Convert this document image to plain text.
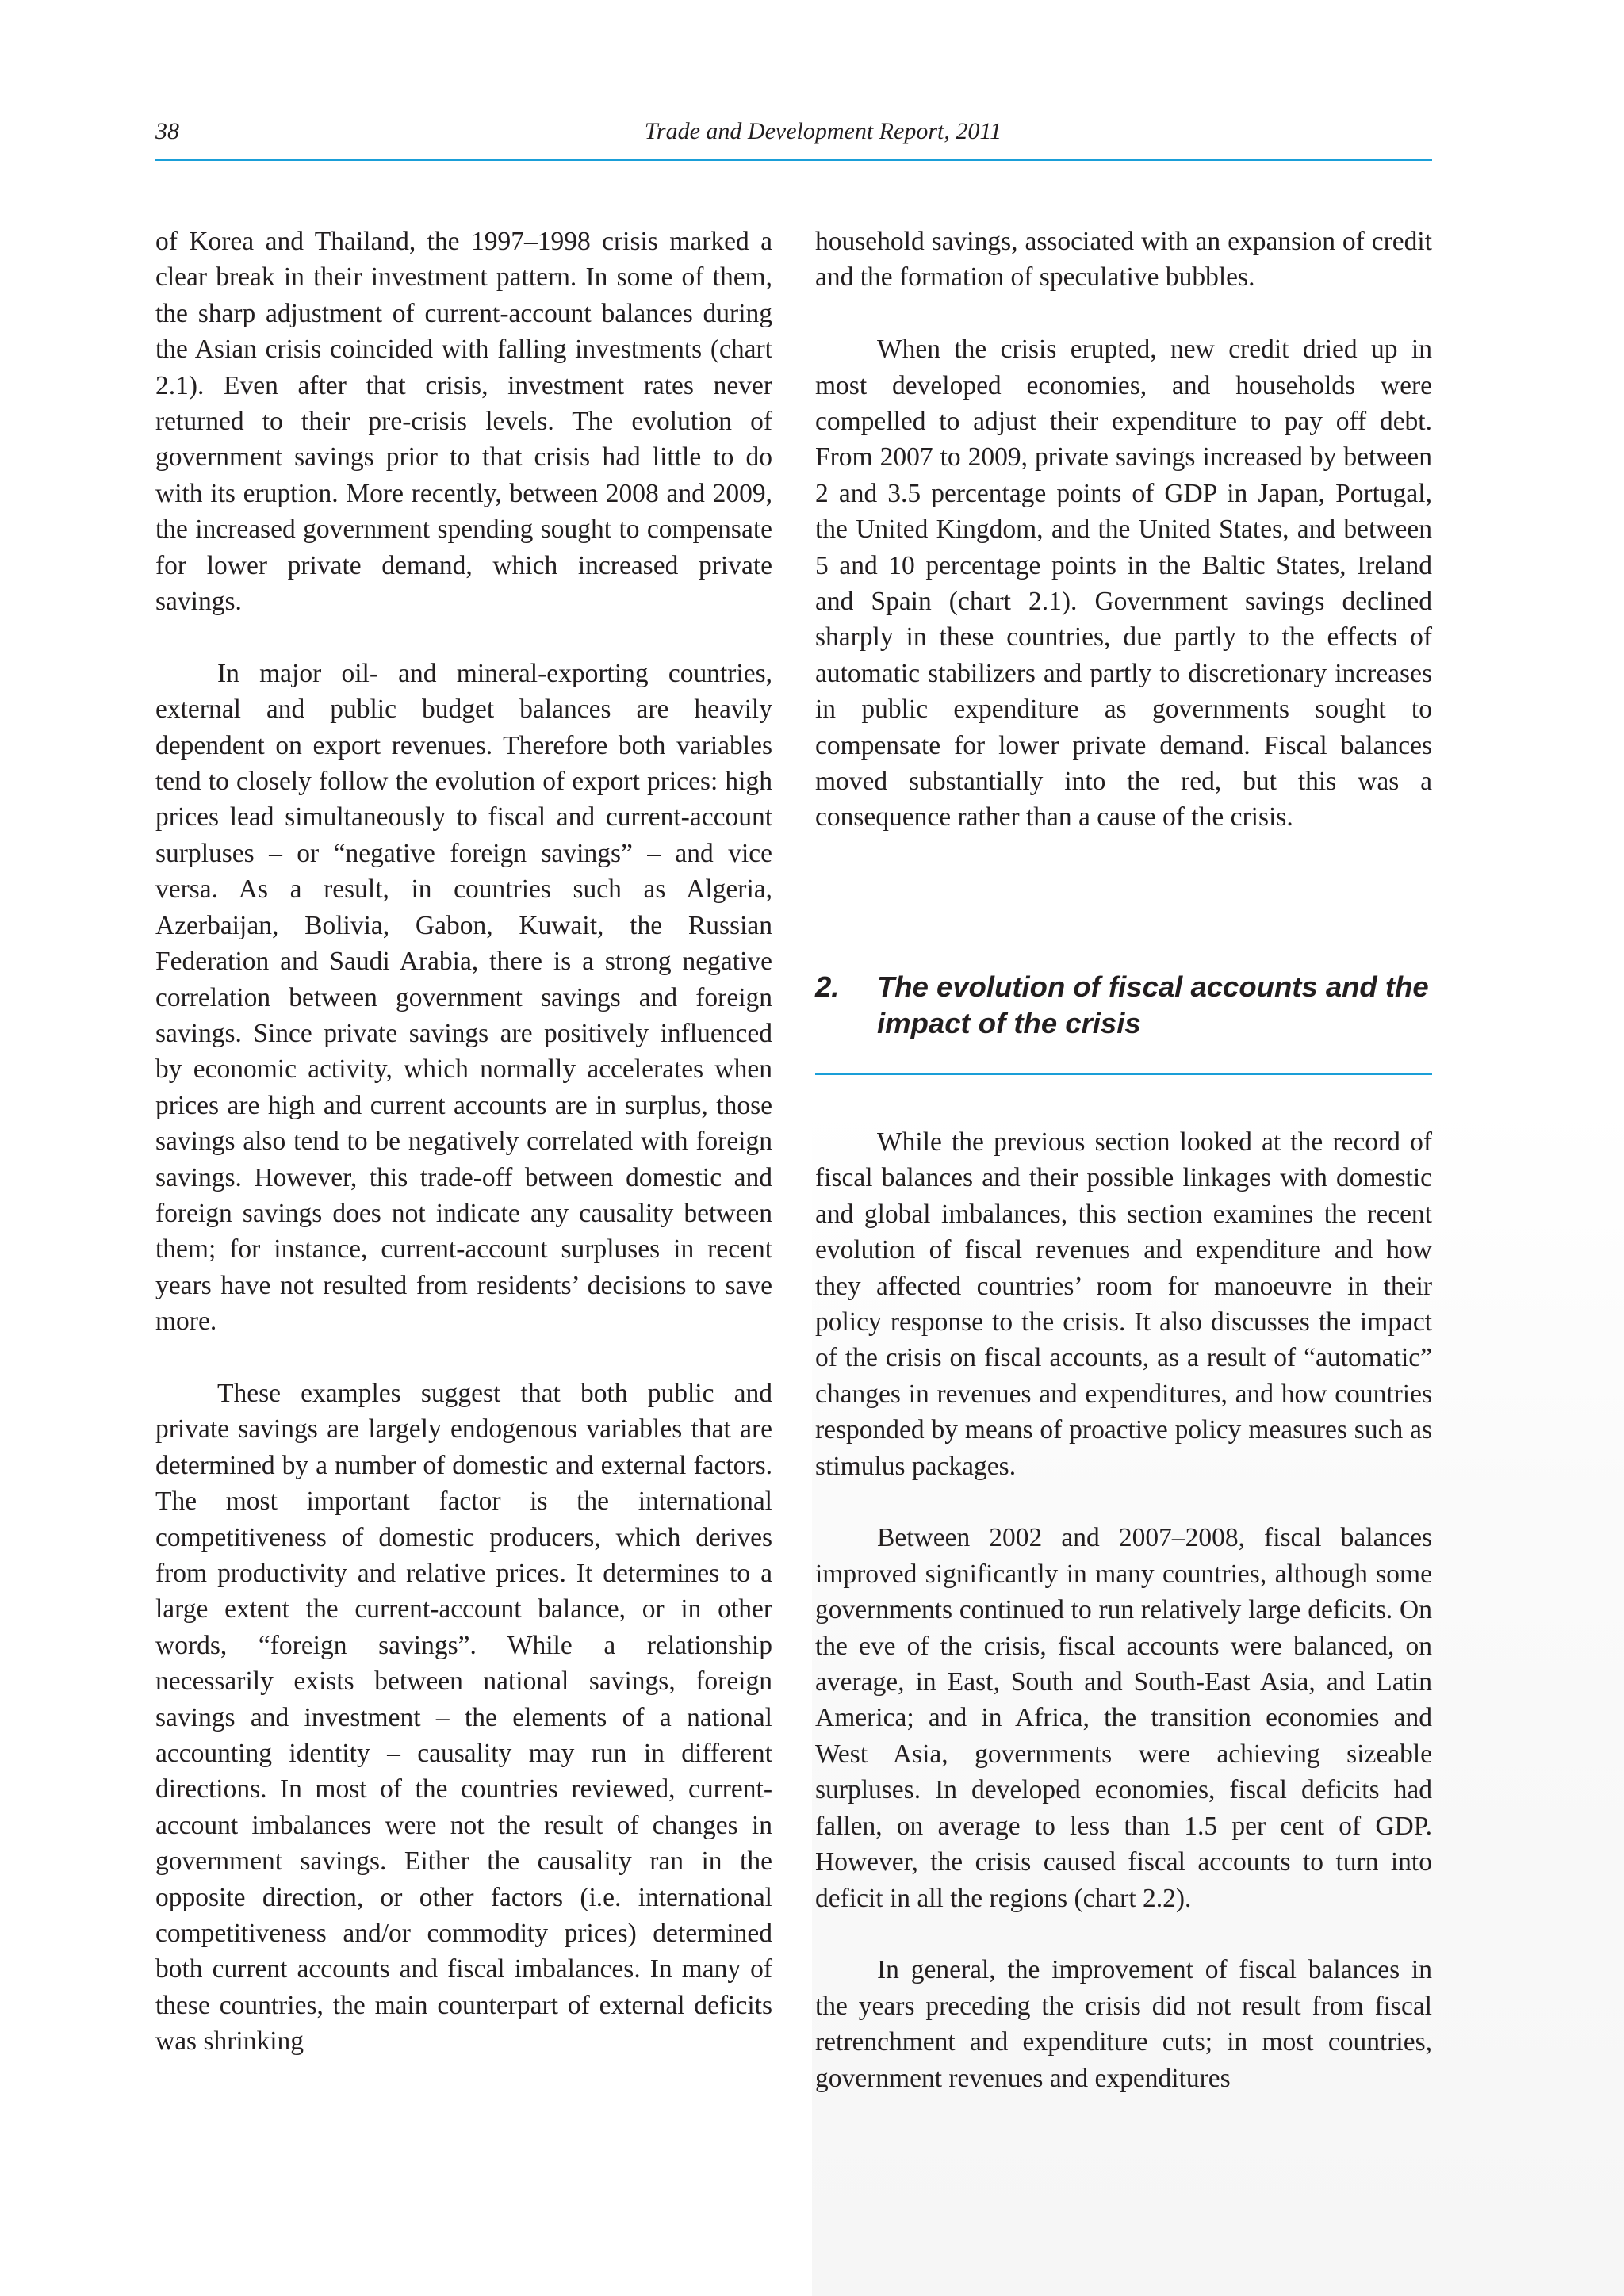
38	Trade and Development Report, 2011

of Korea and Thailand, the 1997–1998 crisis marked a clear break in their investment pattern. In some of them, the sharp adjustment of current-account balances during the Asian crisis coincided with falling investments (chart 2.1). Even after that crisis, investment rates never returned to their pre-crisis levels. The evolution of government savings prior to that crisis had little to do with its eruption. More recently, between 2008 and 2009, the increased government spending sought to compensate for lower private demand, which increased private savings.

In major oil- and mineral-exporting countries, external and public budget balances are heavily dependent on export revenues. Therefore both variables tend to closely follow the evolution of export prices: high prices lead simultaneously to fiscal and current-account surpluses – or “negative foreign savings” – and vice versa. As a result, in countries such as Algeria, Azerbaijan, Bolivia, Gabon, Kuwait, the Russian Federation and Saudi Arabia, there is a strong negative correlation between government savings and foreign savings. Since private savings are positively influenced by economic activity, which normally accelerates when prices are high and current accounts are in surplus, those savings also tend to be negatively correlated with foreign savings. However, this trade-off between domestic and foreign savings does not indicate any causality between them; for instance, current-account surpluses in recent years have not resulted from residents’ decisions to save more.

These examples suggest that both public and private savings are largely endogenous variables that are determined by a number of domestic and external factors. The most important factor is the international competitiveness of domestic producers, which derives from productivity and relative prices. It determines to a large extent the current-account balance, or in other words, “foreign savings”. While a relationship necessarily exists between national savings, foreign savings and investment – the elements of a national accounting identity – causality may run in different directions. In most of the countries reviewed, current-account imbalances were not the result of changes in government savings. Either the causality ran in the opposite direction, or other factors (i.e. international competitiveness and/or commodity prices) determined both current accounts and fiscal imbalances. In many of these countries, the main counterpart of external deficits was shrinking

household savings, associated with an expansion of credit and the formation of speculative bubbles.

When the crisis erupted, new credit dried up in most developed economies, and households were compelled to adjust their expenditure to pay off debt. From 2007 to 2009, private savings increased by between 2 and 3.5 percentage points of GDP in Japan, Portugal, the United Kingdom, and the United States, and between 5 and 10 percentage points in the Baltic States, Ireland and Spain (chart 2.1). Government savings declined sharply in these countries, due partly to the effects of automatic stabilizers and partly to discretionary increases in public expenditure as governments sought to compensate for lower private demand. Fiscal balances moved substantially into the red, but this was a consequence rather than a cause of the crisis.

2. The evolution of fiscal accounts and the impact of the crisis

While the previous section looked at the record of fiscal balances and their possible linkages with domestic and global imbalances, this section examines the recent evolution of fiscal revenues and expenditure and how they affected countries’ room for manoeuvre in their policy response to the crisis. It also discusses the impact of the crisis on fiscal accounts, as a result of “automatic” changes in revenues and expenditures, and how countries responded by means of proactive policy measures such as stimulus packages.

Between 2002 and 2007–2008, fiscal balances improved significantly in many countries, although some governments continued to run relatively large deficits. On the eve of the crisis, fiscal accounts were balanced, on average, in East, South and South-East Asia, and Latin America; and in Africa, the transition economies and West Asia, governments were achieving sizeable surpluses. In developed economies, fiscal deficits had fallen, on average to less than 1.5 per cent of GDP. However, the crisis caused fiscal accounts to turn into deficit in all the regions (chart 2.2).

In general, the improvement of fiscal balances in the years preceding the crisis did not result from fiscal retrenchment and expenditure cuts; in most countries, government revenues and expenditures
